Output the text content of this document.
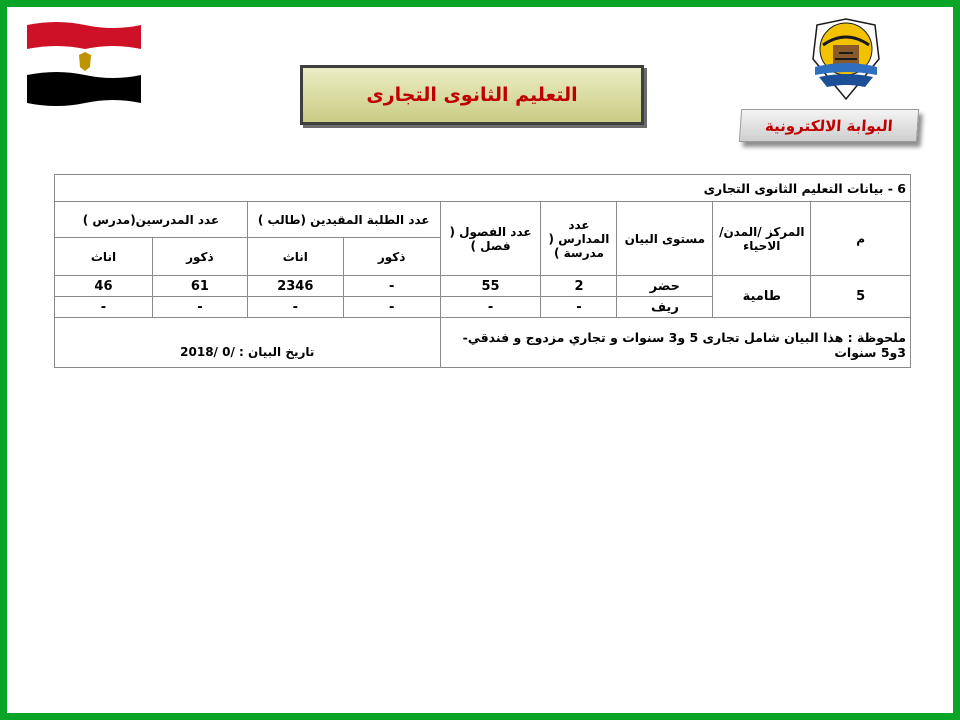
التعليم الثانوى التجارى
البوابة الالكترونية
6 - بيانات التعليم الثانوى التجارى								
م	المركز /المدن/الاحياء	مستوى البيان	عدد المدارس ( مدرسة )	عدد الفصول ( فصل )	عدد الطلبة المقيدين (طالب )		عدد المدرسين(مدرس )	
					ذكور	اناث	ذكور	اناث
5	طامية	حضر	2	55	-	2346	61	46
		ريف	-	-	-	-	-	-
ملحوظة : هذا البيان شامل تجارى 5 و3 سنوات و تجاري مزدوج و فندقي- 3و5 سنوات					تاريخ البيان : 2018/ 0/			
